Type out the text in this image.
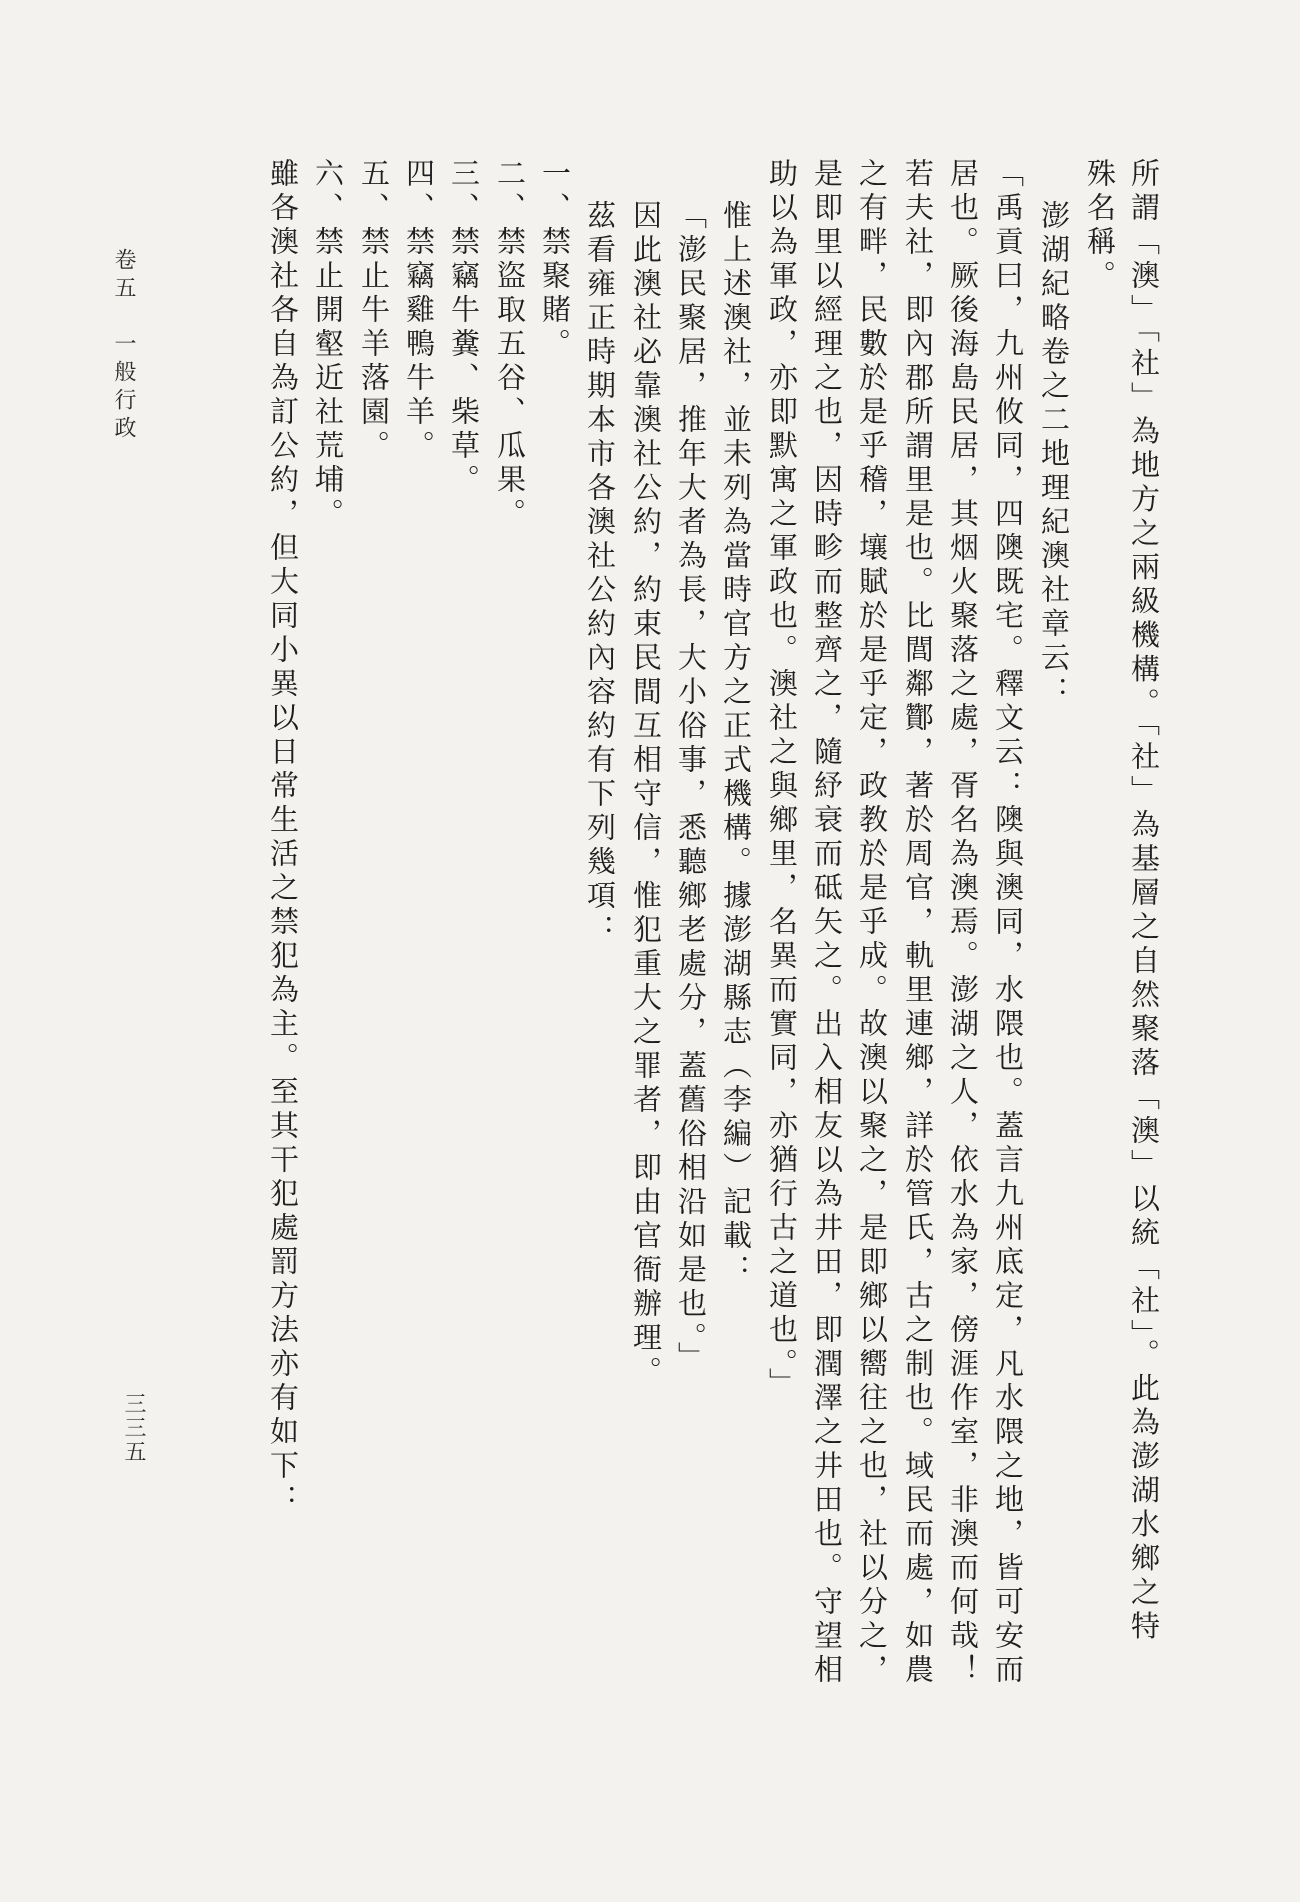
所謂「澳」「社」為地方之兩級機構。「社」為基層之自然聚落「澳」以統「社」。此為澎湖水鄉之特
殊名稱。
澎湖紀略卷之二地理紀澳社章云：
「禹貢曰，九州攸同，四隩既宅。釋文云：隩與澳同，水隈也。蓋言九州底定，凡水隈之地，皆可安而
居也。厥後海島民居，其烟火聚落之處，胥名為澳焉。澎湖之人，依水為家，傍涯作室，非澳而何哉！
若夫社，即內郡所謂里是也。比閭鄰酇，著於周官，軌里連鄉，詳於管氏，古之制也。域民而處，如農
之有畔，民數於是乎稽，壤賦於是乎定，政教於是乎成。故澳以聚之，是即鄉以嚮往之也，社以分之，
是即里以經理之也，因時畛而整齊之，隨紓衰而砥矢之。出入相友以為井田，即潤澤之井田也。守望相
助以為軍政，亦即默寓之軍政也。澳社之與鄉里，名異而實同，亦猶行古之道也。」
惟上述澳社，並未列為當時官方之正式機構。據澎湖縣志（李編）記載：
「澎民聚居，推年大者為長，大小俗事，悉聽鄉老處分，蓋舊俗相沿如是也。」
因此澳社必靠澳社公約，約束民間互相守信，惟犯重大之罪者，即由官衙辦理。
茲看雍正時期本市各澳社公約內容約有下列幾項：
一、禁聚賭。
二、禁盜取五谷、瓜果。
三、禁竊牛糞、柴草。
四、禁竊雞鴨牛羊。
五、禁止牛羊落園。
六、禁止開壑近社荒埔。
雖各澳社各自為訂公約，但大同小異以日常生活之禁犯為主。至其干犯處罰方法亦有如下：
卷五　一般行政
三三五
